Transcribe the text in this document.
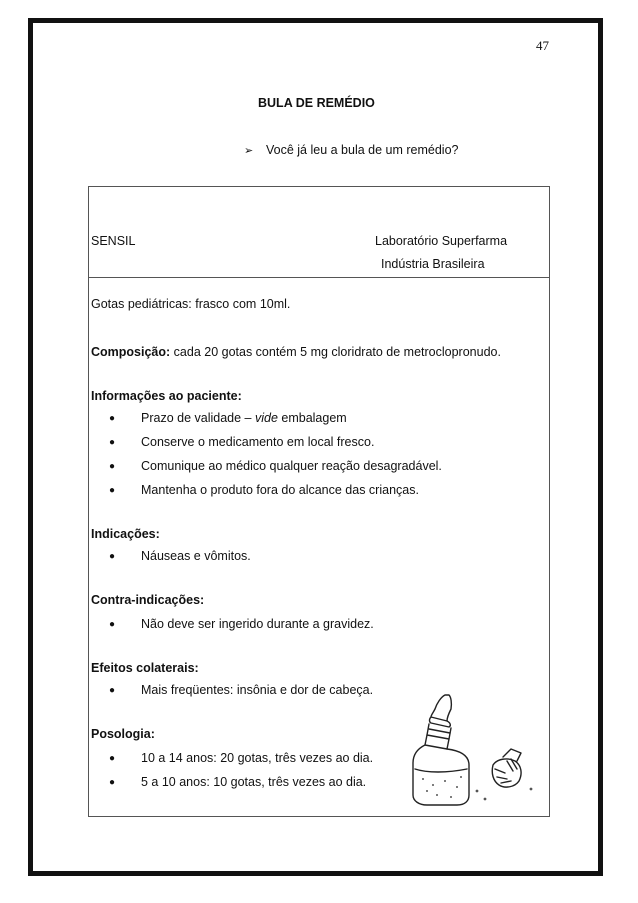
47
BULA DE REMÉDIO
➢ Você já leu a bula de um remédio?
SENSIL	Laboratório Superfarma
Indústria Brasileira
Gotas pediátricas: frasco com 10ml.
Composição: cada 20 gotas contém 5 mg cloridrato de metroclopronudo.
Informações ao paciente:
● Prazo de validade – vide embalagem
● Conserve o medicamento em local fresco.
● Comunique ao médico qualquer reação desagradável.
● Mantenha o produto fora do alcance das crianças.
Indicações:
● Náuseas e vômitos.
Contra-indicações:
● Não deve ser ingerido durante a gravidez.
Efeitos colaterais:
● Mais freqüentes: insônia e dor de cabeça.
Posologia:
● 10 a 14 anos: 20 gotas, três vezes ao dia.
● 5 a 10 anos: 10 gotas, três vezes ao dia.
